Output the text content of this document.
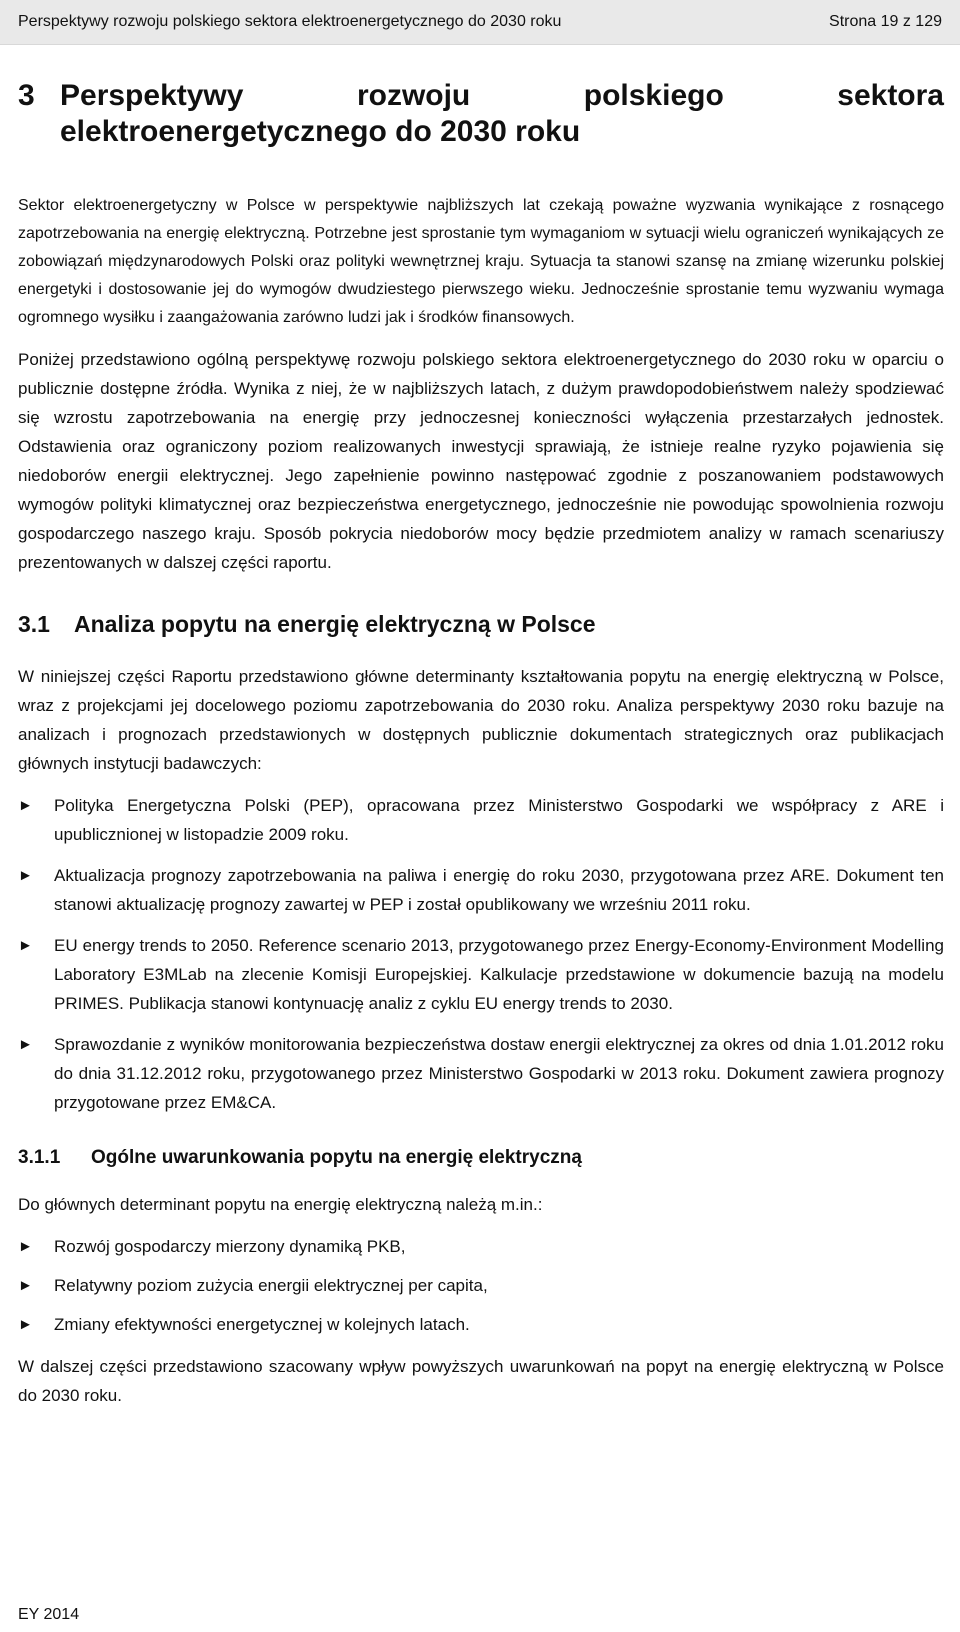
Perspektywy rozwoju polskiego sektora elektroenergetycznego do 2030 roku	Strona 19 z 129
3 Perspektywy	rozwoju	polskiego	sektora
elektroenergetycznego do 2030 roku

Sektor elektroenergetyczny w Polsce w perspektywie najbliższych lat czekają poważne wyzwania wynikające z rosnącego zapotrzebowania na energię elektryczną. Potrzebne jest sprostanie tym wymaganiom w sytuacji wielu ograniczeń wynikających ze zobowiązań międzynarodowych Polski oraz polityki wewnętrznej kraju. Sytuacja ta stanowi szansę na zmianę wizerunku polskiej energetyki i dostosowanie jej do wymogów dwudziestego pierwszego wieku. Jednocześnie sprostanie temu wyzwaniu wymaga ogromnego wysiłku i zaangażowania zarówno ludzi jak i środków finansowych.

Poniżej przedstawiono ogólną perspektywę rozwoju polskiego sektora elektroenergetycznego do 2030 roku w oparciu o publicznie dostępne źródła. Wynika z niej, że w najbliższych latach, z dużym prawdopodobieństwem należy spodziewać się wzrostu zapotrzebowania na energię przy jednoczesnej konieczności wyłączenia przestarzałych jednostek. Odstawienia oraz ograniczony poziom realizowanych inwestycji sprawiają, że istnieje realne ryzyko pojawienia się niedoborów energii elektrycznej. Jego zapełnienie powinno następować zgodnie z poszanowaniem podstawowych wymogów polityki klimatycznej oraz bezpieczeństwa energetycznego, jednocześnie nie powodując spowolnienia rozwoju gospodarczego naszego kraju. Sposób pokrycia niedoborów mocy będzie przedmiotem analizy w ramach scenariuszy prezentowanych w dalszej części raportu.

3.1	Analiza popytu na energię elektryczną w Polsce

W niniejszej części Raportu przedstawiono główne determinanty kształtowania popytu na energię elektryczną w Polsce, wraz z projekcjami jej docelowego poziomu zapotrzebowania do 2030 roku. Analiza perspektywy 2030 roku bazuje na analizach i prognozach przedstawionych w dostępnych publicznie dokumentach strategicznych oraz publikacjach głównych instytucji badawczych:

►	Polityka Energetyczna Polski (PEP), opracowana przez Ministerstwo Gospodarki we współpracy z ARE i upublicznionej w listopadzie 2009 roku.
►	Aktualizacja prognozy zapotrzebowania na paliwa i energię do roku 2030, przygotowana przez ARE. Dokument ten stanowi aktualizację prognozy zawartej w PEP i został opublikowany we wrześniu 2011 roku.
►	EU energy trends to 2050. Reference scenario 2013, przygotowanego przez Energy-Economy-Environment Modelling Laboratory E3MLab na zlecenie Komisji Europejskiej. Kalkulacje przedstawione w dokumencie bazują na modelu PRIMES. Publikacja stanowi kontynuację analiz z cyklu EU energy trends to 2030.
►	Sprawozdanie z wyników monitorowania bezpieczeństwa dostaw energii elektrycznej za okres od dnia 1.01.2012 roku do dnia 31.12.2012 roku, przygotowanego przez Ministerstwo Gospodarki w 2013 roku. Dokument zawiera prognozy przygotowane przez EM&CA.
3.1.1	Ogólne uwarunkowania popytu na energię elektryczną

Do głównych determinant popytu na energię elektryczną należą m.in.:

►	Rozwój gospodarczy mierzony dynamiką PKB,
►	Relatywny poziom zużycia energii elektrycznej per capita,
►	Zmiany efektywności energetycznej w kolejnych latach.

W dalszej części przedstawiono szacowany wpływ powyższych uwarunkowań na popyt na energię elektryczną w Polsce do 2030 roku.

EY 2014
